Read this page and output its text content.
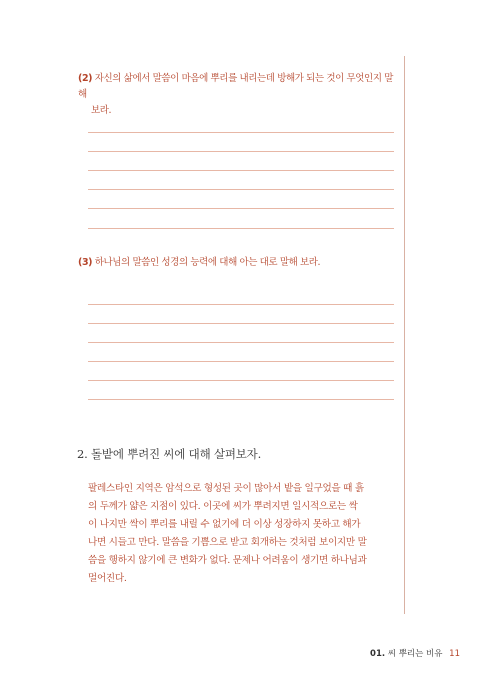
(2) 자신의 삶에서 말씀이 마음에 뿌리를 내리는데 방해가 되는 것이 무엇인지 말해
보라.
(3) 하나님의 말씀인 성경의 능력에 대해 아는 대로 말해 보라.
2. 돌밭에 뿌려진 씨에 대해 살펴보자.
팔레스타인 지역은 암석으로 형성된 곳이 많아서 밭을 일구었을 때 흙
의 두께가 얇은 지점이 있다. 이곳에 씨가 뿌려지면 일시적으로는 싹
이 나지만 싹이 뿌리를 내릴 수 없기에 더 이상 성장하지 못하고 해가
나면 시들고 만다. 말씀을 기쁨으로 받고 회개하는 것처럼 보이지만 말
씀을 행하지 않기에 큰 변화가 없다. 문제나 어려움이 생기면 하나님과
멀어진다.
01. 씨 뿌리는 비유 11
